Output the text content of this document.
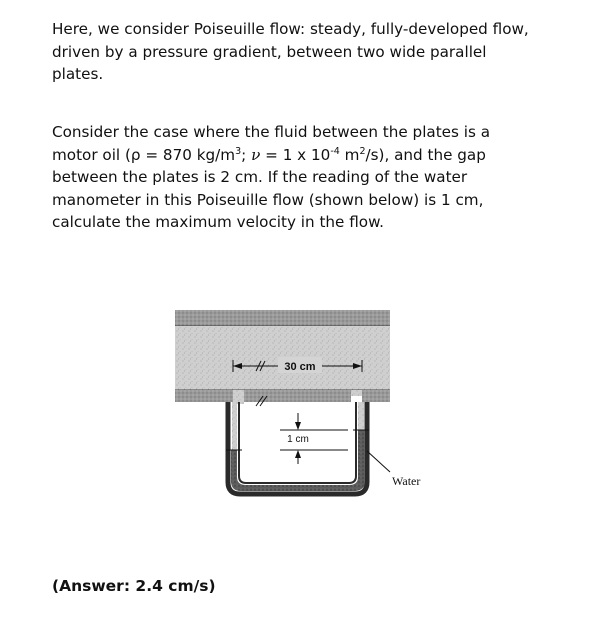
Here, we consider Poiseuille flow: steady, fully-developed flow,
driven by a pressure gradient, between two wide parallel
plates.

Consider the case where the fluid between the plates is a
motor oil (ρ = 870 $kg/m^3$; ν = 1 x $10^{-4}$ $m^2/s$), and the gap
between the plates is 2 cm. If the reading of the water
manometer in this Poiseuille flow (shown below) is 1 cm,
calculate the maximum velocity in the flow.

30 cm
1 cm
Water

(Answer: 2.4 cm/s)
